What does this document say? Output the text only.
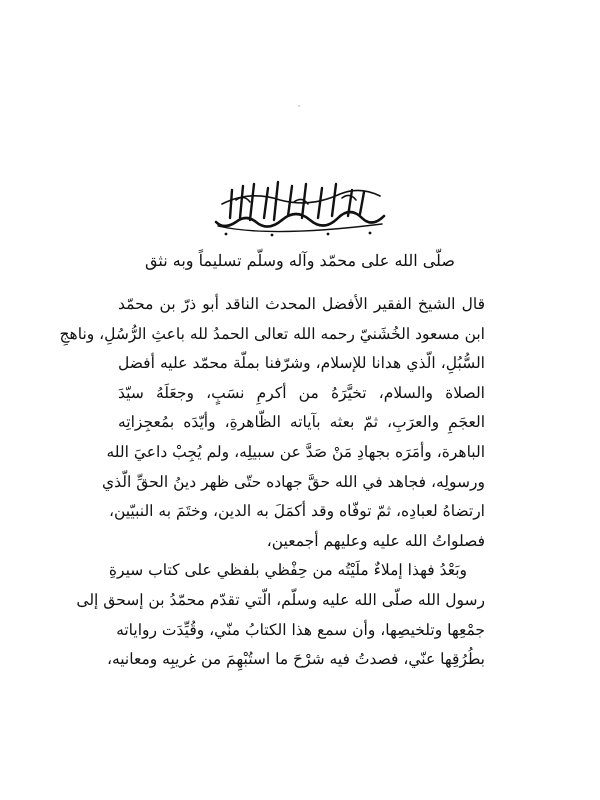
صلّى الله على محمّد وآله وسلّم تسليماً وبه نثق
قال الشيخ الفقير الأفضل المحدث الناقد أبو ذرّ بن محمّد
ابن مسعود الخُشَنيّ رحمه الله تعالى الحمدُ لله باعثِ الرُّسُلِ، وناهجِ
السُّبُلِ، الّذي هدانا للإسلام، وشرّفنا بملّة محمّد عليه أفضل
الصلاة والسلام، تخيَّرَهُ من أكرمِ نسَبٍ، وجعَلَهُ سيّدَ
العجَمِ والعرَبِ، ثمّ بعثه بآياته الظّاهرةِ، وأيّدَه بمُعجِزاتِه
الباهرة، وأمَرَه بجهادِ مَنْ صَدَّ عن سبيلِه، ولم يُجِبْ داعيَ الله
ورسولِه، فجاهد في الله حقَّ جهاده حتّى ظهر دينُ الحقِّ الّذي
ارتضاهُ لعبادِه، ثمّ توفّاه وقد أكمَلَ به الدين، وختَمَ به النبيّين،
فصلواتُ الله عليه وعليهم أجمعين،
وبَعْدُ فهذا إملاءٌ ملَيْتُه من حِفْظي بلفظي على كتاب سيرةِ
رسول الله صلّى الله عليه وسلّم، الّتي تقدّم محمّدُ بن إسحق إلى
جمْعِها وتلخيصِها، وأن سمع هذا الكتابُ منّي، وقُيِّدَت رواياته
بطُرُقِها عنّي، فصدتُ فيه شرْحَ ما استُبْهِمَ من غريبِه ومعانيه،
